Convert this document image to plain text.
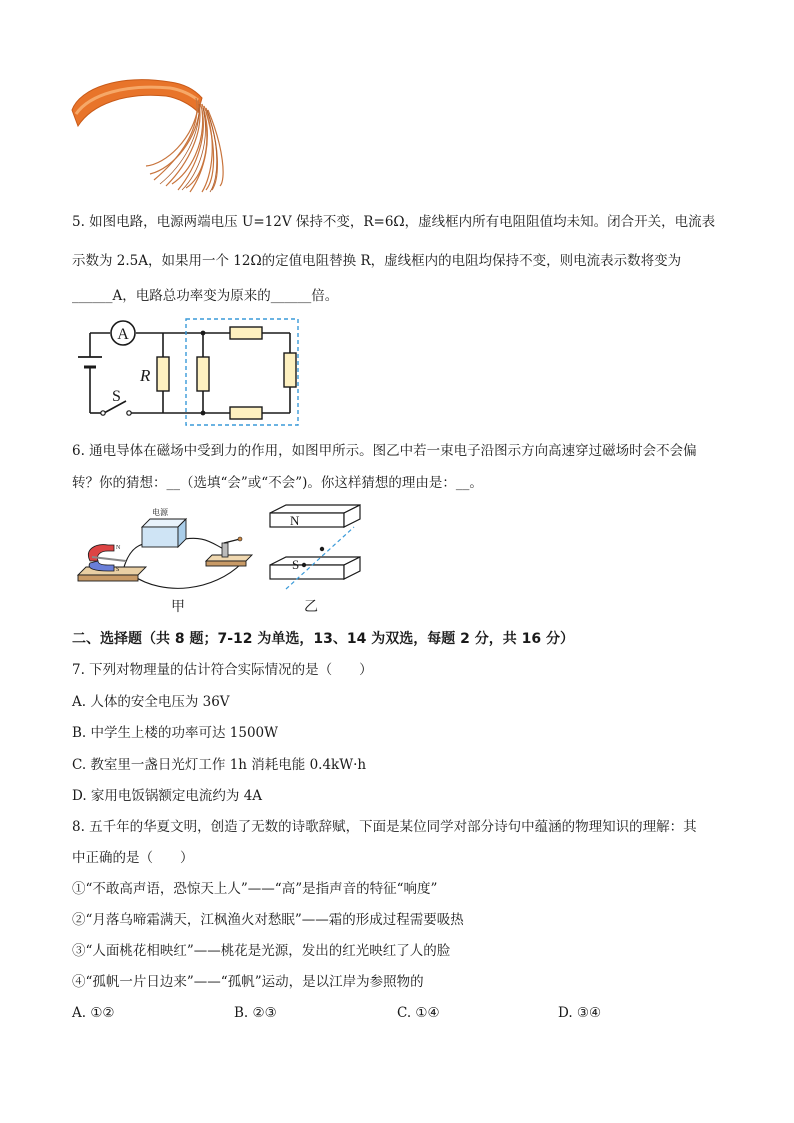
5. 如图电路，电源两端电压 U=12V 保持不变，R=6Ω，虚线框内所有电阻阻值均未知。闭合开关，电流表
示数为 2.5A，如果用一个 12Ω的定值电阻替换 R，虚线框内的电阻均保持不变，则电流表示数将变为
______A，电路总功率变为原来的______倍。
A
R
S
6. 通电导体在磁场中受到力的作用，如图甲所示。图乙中若一束电子沿图示方向高速穿过磁场时会不会偏
转？你的猜想：__（选填“会”或“不会”)。你这样猜想的理由是：__。
电源
N
S
甲
N
S
乙
二、选择题（共 8 题；7-12 为单选，13、14 为双选，每题 2 分，共 16 分）
7. 下列对物理量的估计符合实际情况的是（　　）
A. 人体的安全电压为 36V
B. 中学生上楼的功率可达 1500W
C. 教室里一盏日光灯工作 1h 消耗电能 0.4kW·h
D. 家用电饭锅额定电流约为 4A
8. 五千年的华夏文明，创造了无数的诗歌辞赋，下面是某位同学对部分诗句中蕴涵的物理知识的理解：其
中正确的是（　　）
①“不敢高声语，恐惊天上人”——“高”是指声音的特征“响度”
②“月落乌啼霜满天，江枫渔火对愁眠”——霜的形成过程需要吸热
③“人面桃花相映红”——桃花是光源，发出的红光映红了人的脸
④“孤帆一片日边来”——“孤帆”运动，是以江岸为参照物的
A. ①②	B. ②③	C. ①④	D. ③④
